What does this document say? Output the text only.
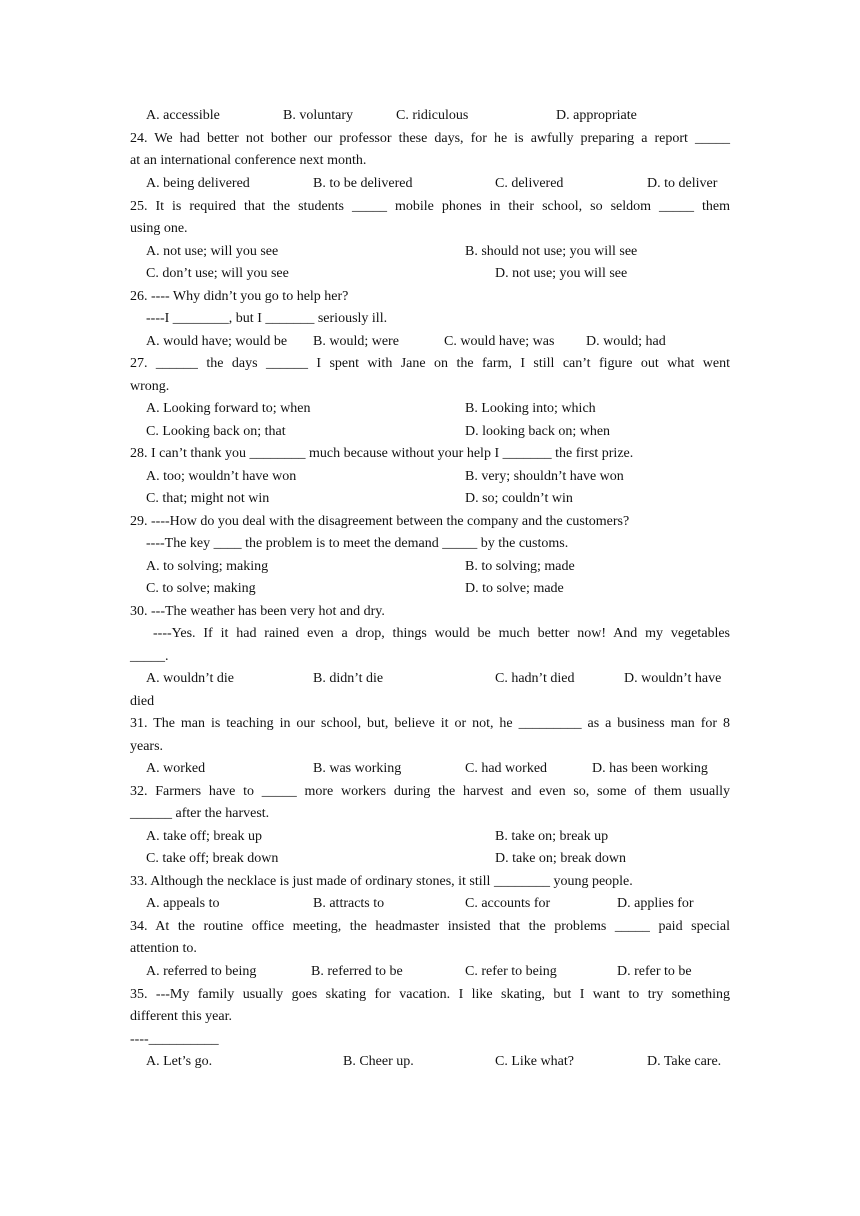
A. accessible	B. voluntary	C. ridiculous	D. appropriate
24. We had better not bother our professor these days, for he is awfully preparing a report _____
at an international conference next month.
A. being delivered	B. to be delivered	C. delivered	D. to deliver
25. It is required that the students _____ mobile phones in their school, so seldom _____ them
using one.
A. not use; will you see	B. should not use; you will see
C. don’t use; will you see	D. not use; you will see
26. ---- Why didn’t you go to help her?
----I ________, but I _______ seriously ill.
A. would have; would be B. would; were	C. would have; was D. would; had
27. ______ the days ______ I spent with Jane on the farm, I still can’t figure out what went
wrong.
A. Looking forward to; when	B. Looking into; which
C. Looking back on; that	D. looking back on; when
28. I can’t thank you ________ much because without your help I _______ the first prize.
A. too; wouldn’t have won	B. very; shouldn’t have won
C. that; might not win	D. so; couldn’t win
29. ----How do you deal with the disagreement between the company and the customers?
----The key ____ the problem is to meet the demand _____ by the customs.
A. to solving; making	B. to solving; made
C. to solve; making	D. to solve; made
30. ---The weather has been very hot and dry.
----Yes. If it had rained even a drop, things would be much better now! And my vegetables
_____.
A. wouldn’t die	B. didn’t die	C. hadn’t died	D. wouldn’t have
died
31. The man is teaching in our school, but, believe it or not, he _________ as a business man for 8
years.
A. worked	B. was working	C. had worked	D. has been working
32. Farmers have to _____ more workers during the harvest and even so, some of them usually
______ after the harvest.
A. take off; break up	B. take on; break up
C. take off; break down	D. take on; break down
33. Although the necklace is just made of ordinary stones, it still ________ young people.
A. appeals to	B. attracts to	C. accounts for	D. applies for
34. At the routine office meeting, the headmaster insisted that the problems _____ paid special
attention to.
A. referred to being	B. referred to be	C. refer to being	D. refer to be
35. ---My family usually goes skating for vacation. I like skating, but I want to try something
different this year.
----__________
A. Let’s go.	B. Cheer up.	C. Like what?	D. Take care.
